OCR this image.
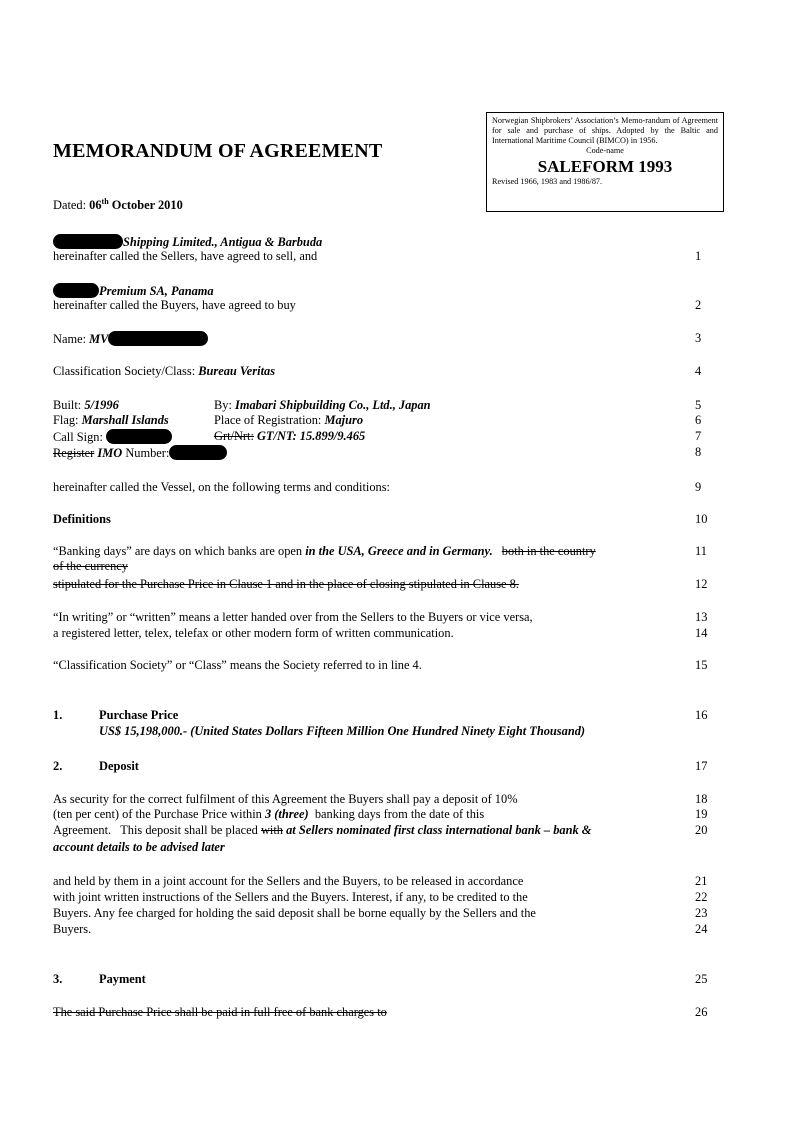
MEMORANDUM OF AGREEMENT
Norwegian Shipbrokers’ Association’s Memo-randum of Agreement for sale and purchase of ships. Adopted by the Baltic and International Maritime Council (BIMCO) in 1956.
Code-name
SALEFORM 1993
Revised 1966, 1983 and 1986/87.
Dated: 06th October 2010
Shipping Limited., Antigua & Barbuda
hereinafter called the Sellers, have agreed to sell, and	1
Premium SA, Panama
hereinafter called the Buyers, have agreed to buy	2
Name: MV	3
Classification Society/Class: Bureau Veritas	4
Built: 5/1996	By: Imabari Shipbuilding Co., Ltd., Japan	5
Flag: Marshall Islands	Place of Registration: Majuro	6
Call Sign:	Grt/Nrt: GT/NT: 15.899/9.465	7
Register IMO Number:	8
hereinafter called the Vessel, on the following terms and conditions:	9
Definitions	10
“Banking days” are days on which banks are open in the USA, Greece and in Germany. both in the country	11
of the currency
stipulated for the Purchase Price in Clause 1 and in the place of closing stipulated in Clause 8.	12
“In writing” or “written” means a letter handed over from the Sellers to the Buyers or vice versa,	13
a registered letter, telex, telefax or other modern form of written communication.	14
“Classification Society” or “Class” means the Society referred to in line 4.	15
1.	Purchase Price	16
US$ 15,198,000.- (United States Dollars Fifteen Million One Hundred Ninety Eight Thousand)
2.	Deposit	17
As security for the correct fulfilment of this Agreement the Buyers shall pay a deposit of 10%	18
(ten per cent) of the Purchase Price within 3 (three)  banking days from the date of this	19
Agreement.   This deposit shall be placed with at Sellers nominated first class international bank – bank &	20
account details to be advised later
and held by them in a joint account for the Sellers and the Buyers, to be released in accordance	21
with joint written instructions of the Sellers and the Buyers. Interest, if any, to be credited to the	22
Buyers. Any fee charged for holding the said deposit shall be borne equally by the Sellers and the	23
Buyers.	24
3.	Payment	25
The said Purchase Price shall be paid in full free of bank charges to	26
